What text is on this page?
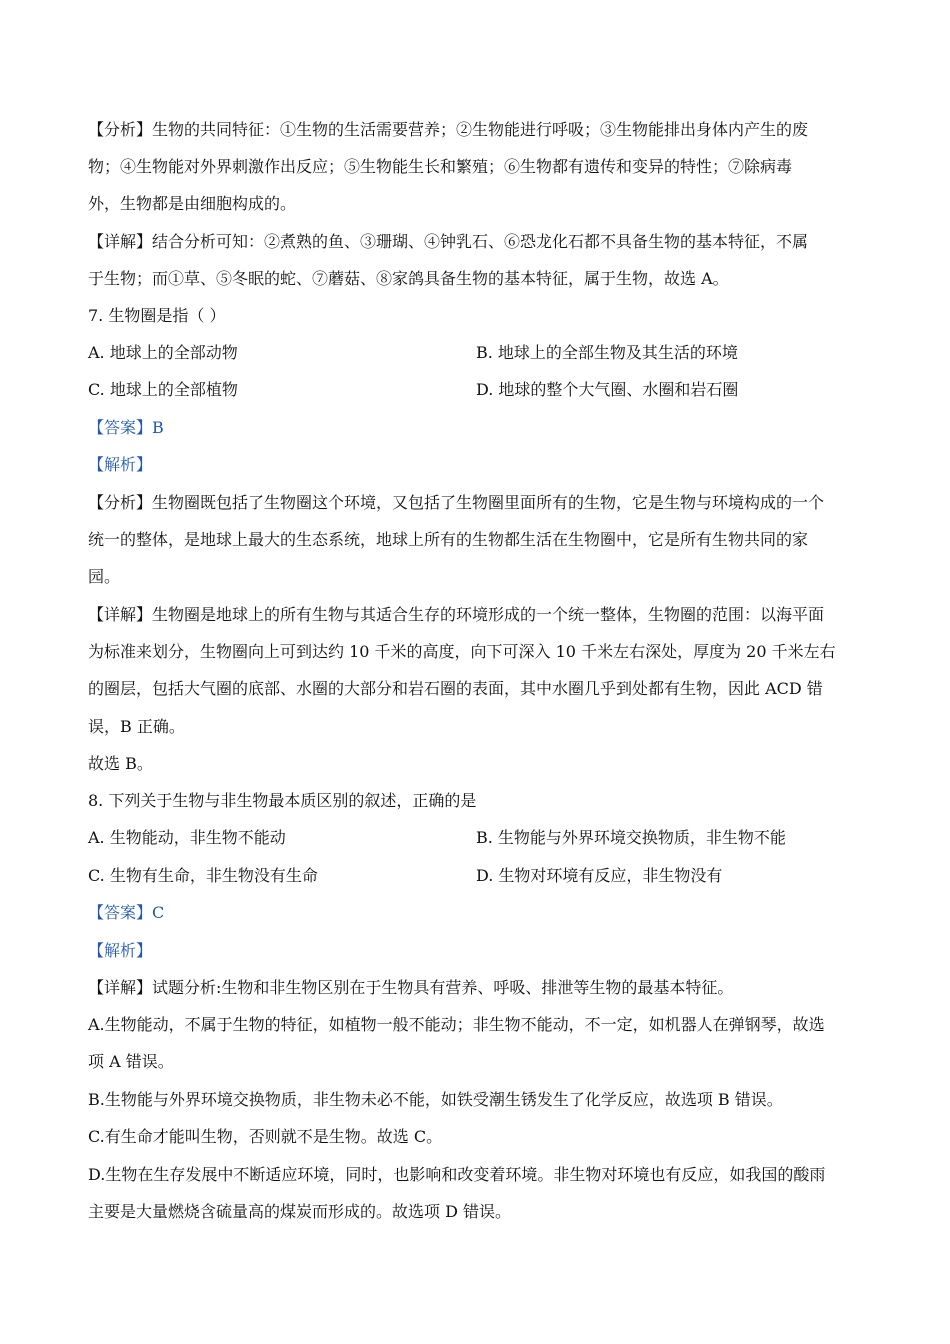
【分析】生物的共同特征：①生物的生活需要营养；②生物能进行呼吸；③生物能排出身体内产生的废
物；④生物能对外界刺激作出反应；⑤生物能生长和繁殖；⑥生物都有遗传和变异的特性；⑦除病毒
外，生物都是由细胞构成的。
【详解】结合分析可知：②煮熟的鱼、③珊瑚、④钟乳石、⑥恐龙化石都不具备生物的基本特征，不属
于生物；而①草、⑤冬眠的蛇、⑦蘑菇、⑧家鸽具备生物的基本特征，属于生物，故选 A。
7. 生物圈是指（ ）
A. 地球上的全部动物	B. 地球上的全部生物及其生活的环境
C. 地球上的全部植物	D. 地球的整个大气圈、水圈和岩石圈
【答案】B
【解析】
【分析】生物圈既包括了生物圈这个环境，又包括了生物圈里面所有的生物，它是生物与环境构成的一个
统一的整体，是地球上最大的生态系统，地球上所有的生物都生活在生物圈中，它是所有生物共同的家
园。
【详解】生物圈是地球上的所有生物与其适合生存的环境形成的一个统一整体，生物圈的范围：以海平面
为标准来划分，生物圈向上可到达约 10 千米的高度，向下可深入 10 千米左右深处，厚度为 20 千米左右
的圈层，包括大气圈的底部、水圈的大部分和岩石圈的表面，其中水圈几乎到处都有生物，因此 ACD 错
误，B 正确。
故选 B。
8. 下列关于生物与非生物最本质区别的叙述，正确的是
A. 生物能动，非生物不能动	B. 生物能与外界环境交换物质，非生物不能
C. 生物有生命，非生物没有生命	D. 生物对环境有反应，非生物没有
【答案】C
【解析】
【详解】试题分析:生物和非生物区别在于生物具有营养、呼吸、排泄等生物的最基本特征。
A.生物能动，不属于生物的特征，如植物一般不能动；非生物不能动，不一定，如机器人在弹钢琴，故选
项 A 错误。
B.生物能与外界环境交换物质，非生物未必不能，如铁受潮生锈发生了化学反应，故选项 B 错误。
C.有生命才能叫生物，否则就不是生物。故选 C。
D.生物在生存发展中不断适应环境，同时，也影响和改变着环境。非生物对环境也有反应，如我国的酸雨
主要是大量燃烧含硫量高的煤炭而形成的。故选项 D 错误。
